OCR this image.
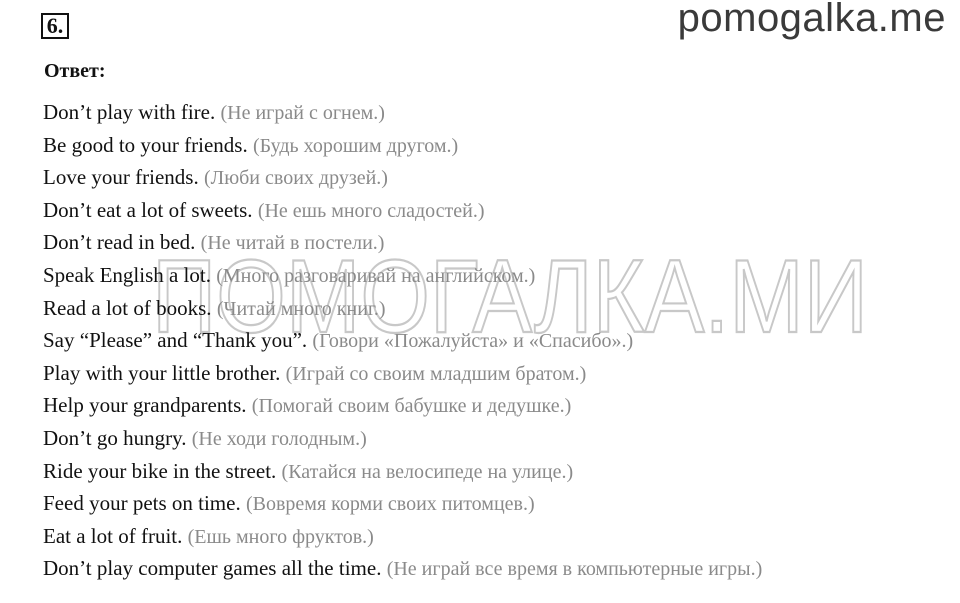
6.	pomogalka.me
Ответ:
ПОМОГАЛКА.МИ
Don’t play with fire. (Не играй с огнем.)
Be good to your friends. (Будь хорошим другом.)
Love your friends. (Люби своих друзей.)
Don’t eat a lot of sweets. (Не ешь много сладостей.)
Don’t read in bed. (Не читай в постели.)
Speak English a lot. (Много разговаривай на английском.)
Read a lot of books. (Читай много книг.)
Say “Please” and “Thank you”. (Говори «Пожалуйста» и «Спасибо».)
Play with your little brother. (Играй со своим младшим братом.)
Help your grandparents. (Помогай своим бабушке и дедушке.)
Don’t go hungry. (Не ходи голодным.)
Ride your bike in the street. (Катайся на велосипеде на улице.)
Feed your pets on time. (Вовремя корми своих питомцев.)
Eat a lot of fruit. (Ешь много фруктов.)
Don’t play computer games all the time. (Не играй все время в компьютерные игры.)
